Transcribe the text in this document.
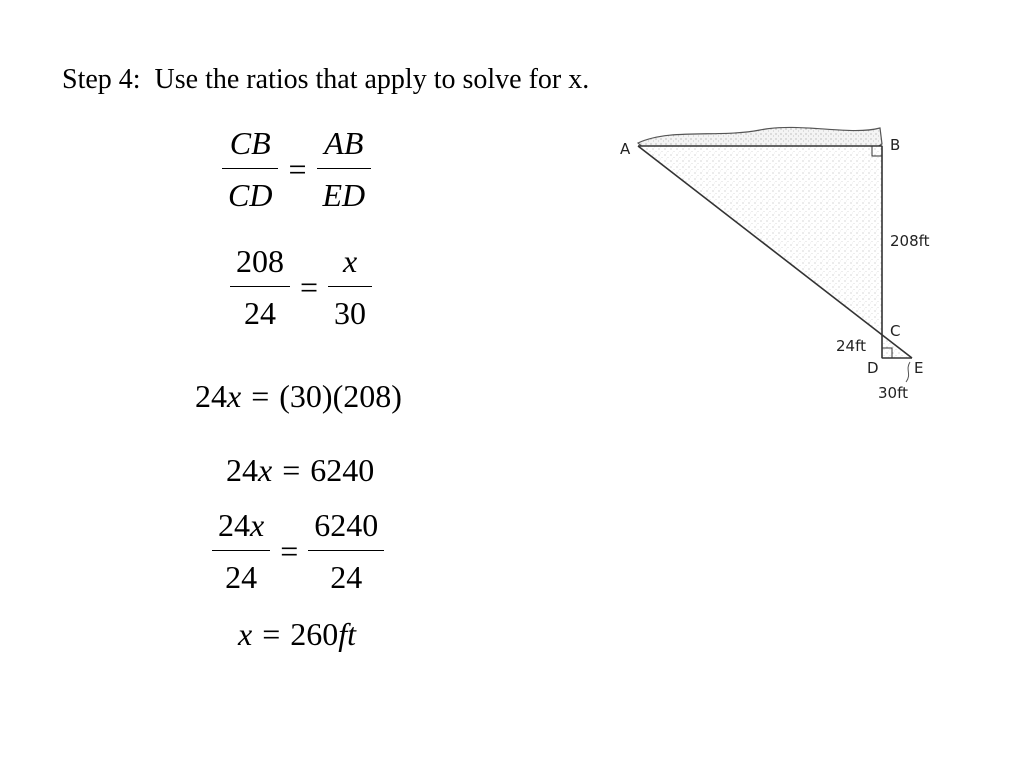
Step 4:  Use the ratios that apply to solve for x.
$\frac{CB}{CD} = \frac{AB}{ED}$
$\frac{208}{24} = \frac{x}{30}$
24 x = (30)(208)
24 x = 6240
$\frac{24x}{24} = \frac{6240}{24}$
x = 260 ft
A	B
C
D E
208ft
24ft
30ft
